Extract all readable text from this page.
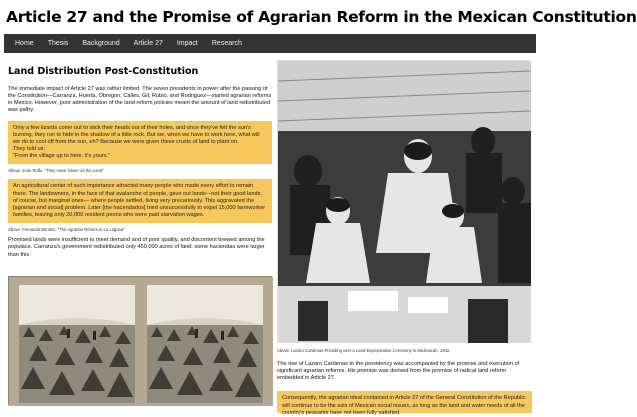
Article 27 and the Promise of Agrarian Reform in the Mexican Constitution
Home	Thesis	Background	Article 27	Impact	Research
Land Distribution Post-Constitution

The immediate impact of Article 27 was rather limited. The seven presidents in power after the passing of the Constitution—Carranza, Huerta, Obregon, Calles, Gil, Rubio, and Rodriguez—started agrarian reforms in Mexico. However, poor administration of the land reform policies meant the amount of land redistributed was paltry.

Only a few lizards come out to stick their heads out of their holes, and once they've felt the sun's burning, they run to hide in the shadow of a little rock. But we, when we have to work here, what will we do to cool off from the sun, eh? Because we were given these crusts of land to plant on.
They told us:
"From the village up to here, it's yours."
Above: Juan Rulfo, "They Have Given Us the Land"
An agricultural center of such importance attracted many people who made every effort to remain there. The landowners, in the face of that avalanche of people, gave out lands—not their good lands, of course, but marginal ones— where people settled, living very precariously. This aggravated the [agrarian and social] problem. Later [the hacendados] tried unsuccessfully to expel 15,000 farmworker families, leaving only 20,000 resident peons who were paid starvation wages.
Above: Fernando Benitez, "The Agrarian Reform in La Laguna"

Promised lands were insufficient to meet demand and of poor quality, and discontent brewed among the populace. Carranza's government redistributed only 450,000 acres of land: some haciendas were larger than this.

Above: Lazaro Cardenas Presiding over a Land-Expropriation Ceremony in Michoacán, 1942.

The rise of Lazaro Cardenas to the presidency was accompanied by the promise and execution of significant agrarian reforms. His promise was derived from the promise of radical land reform embedded in Article 27.

Consequently, the agrarian ideal contained in Article 27 of the General Constitution of the Republic will continue to be the axis of Mexican social issues, as long as the land and water needs of all the country's peasants have not been fully satisfied.
